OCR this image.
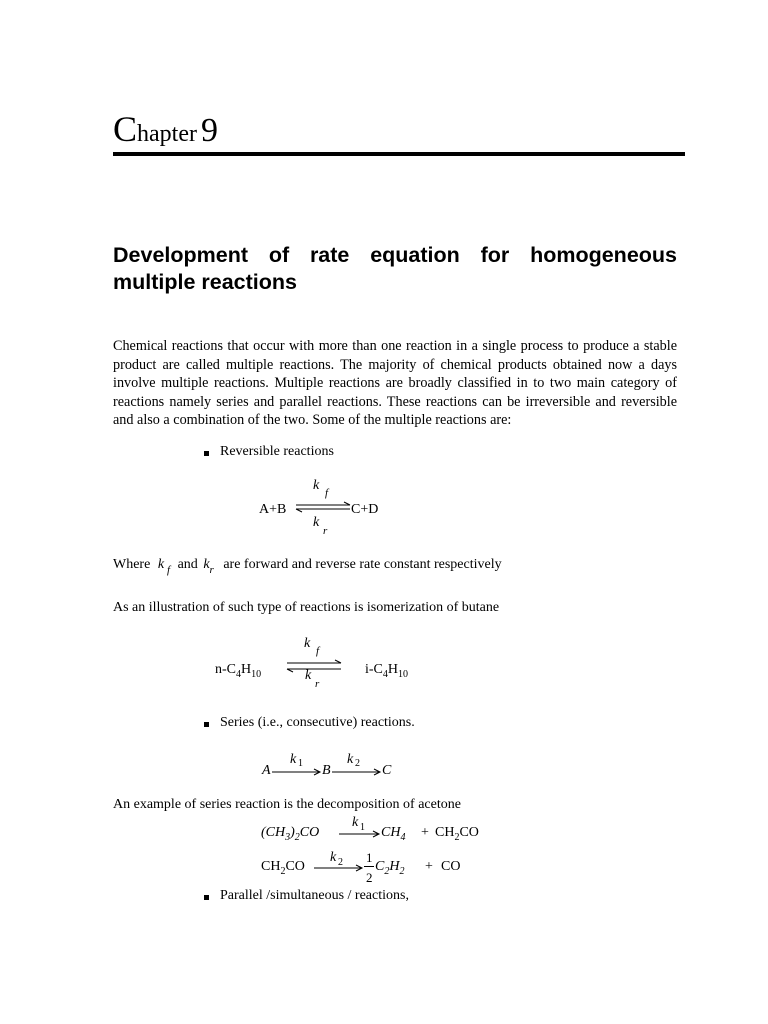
Chapter 9
Development of rate equation for homogeneous multiple reactions
Chemical reactions that occur with more than one reaction in a single process to produce a stable product are called multiple reactions. The majority of chemical products obtained now a days involve multiple reactions. Multiple reactions are broadly classified in to two main category of reactions namely series and parallel reactions. These reactions can be irreversible and reversible and also a combination of the two. Some of the multiple reactions are:
Reversible reactions
k f
A+B ⇌ C+D
k
r
Where k $_f$ and $k_r$ are forward and reverse rate constant respectively
As an illustration of such type of reactions is isomerization of butane
k f
$n-C_4H_{10}$ ⇌ $i-C_4H_{10}$
k
r
Series (i.e., consecutive) reactions.
k 1	k 2
A → B → C
An example of series reaction is the decomposition of acetone
k 1
$(CH_3)_2CO \to CH_4 + CH_2CO$
$CH_2CO$
k 2 1
2
$C_2H_2$ + CO
Parallel /simultaneous / reactions,
